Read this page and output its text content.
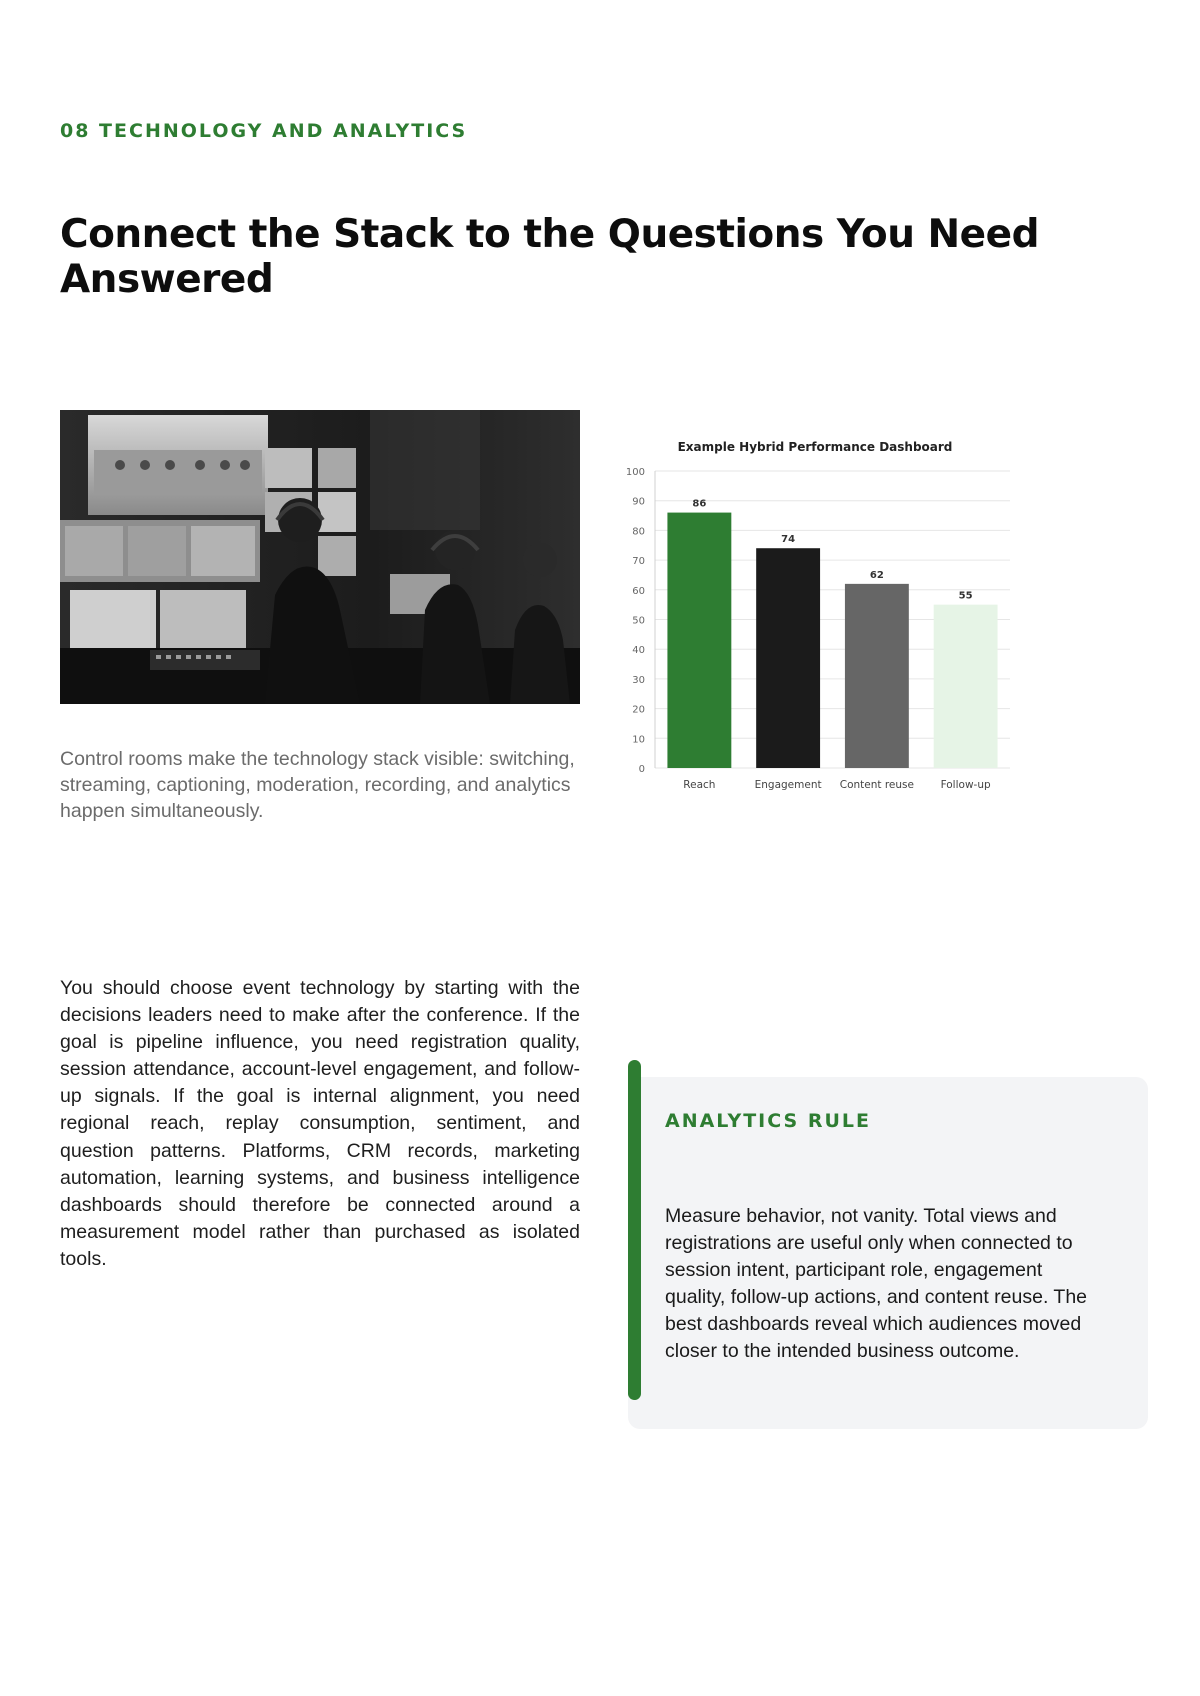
08 TECHNOLOGY AND ANALYTICS
Connect the Stack to the Questions You Need Answered

Control rooms make the technology stack visible: switching, streaming, captioning, moderation, recording, and analytics happen simultaneously.

Example Hybrid Performance Dashboard
0
10
20
30
40
50
60
70
80
90
100
86
Reach
74
Engagement
62
Content reuse
55
Follow-up

You should choose event technology by starting with the decisions leaders need to make after the conference. If the goal is pipeline influence, you need registration quality, session attendance, account-level engagement, and follow-up signals. If the goal is internal alignment, you need regional reach, replay consumption, sentiment, and question patterns. Platforms, CRM records, marketing automation, learning systems, and business intelligence dashboards should therefore be connected around a measurement model rather than purchased as isolated tools.

ANALYTICS RULE

Measure behavior, not vanity. Total views and registrations are useful only when connected to session intent, participant role, engagement quality, follow-up actions, and content reuse. The best dashboards reveal which audiences moved closer to the intended business outcome.
